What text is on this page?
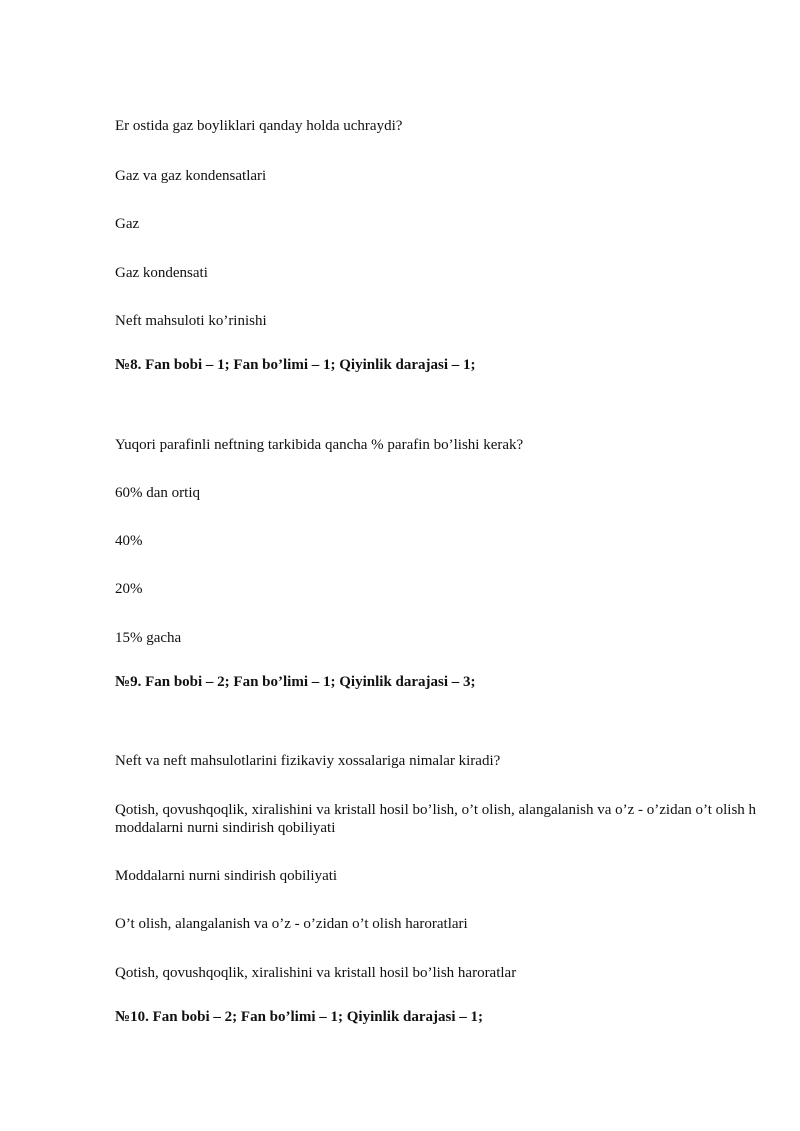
Er ostida gaz boyliklari qanday holda uchraydi?
Gaz va gaz kondensatlari
Gaz
Gaz kondensati
Neft mahsuloti ko’rinishi
№8. Fan bobi – 1; Fan bo’limi – 1; Qiyinlik darajasi – 1;
Yuqori parafinli neftning tarkibida qancha % parafin bo’lishi kerak?
60% dan ortiq
40%
20%
15% gacha
№9. Fan bobi – 2; Fan bo’limi – 1; Qiyinlik darajasi – 3;
Neft va neft mahsulotlarini fizikaviy xossalariga nimalar kiradi?
Qotish, qovushqoqlik, xiralishini va kristall hosil bo’lish, o’t olish, alangalanish va o’z - o’zidan o’t olish h
moddalarni nurni sindirish qobiliyati
Moddalarni nurni sindirish qobiliyati
O’t olish, alangalanish va o’z - o’zidan o’t olish haroratlari
Qotish, qovushqoqlik, xiralishini va kristall hosil bo’lish haroratlar
№10. Fan bobi – 2; Fan bo’limi – 1; Qiyinlik darajasi – 1;
